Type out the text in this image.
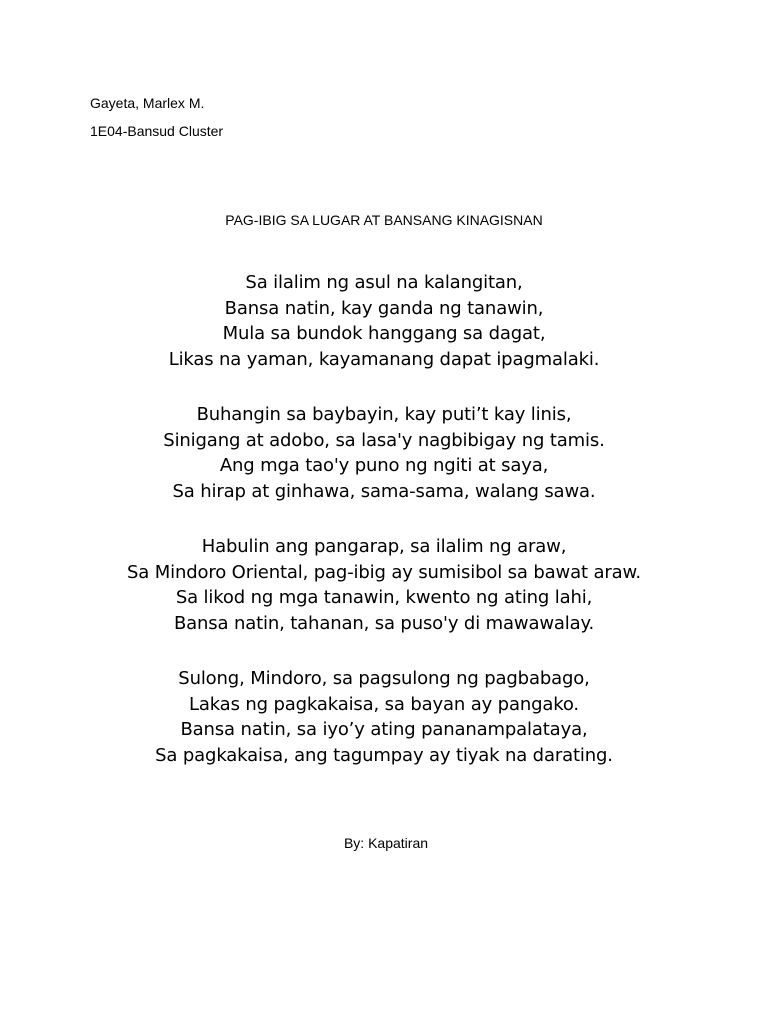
Gayeta, Marlex M.
1E04-Bansud Cluster
PAG-IBIG SA LUGAR AT BANSANG KINAGISNAN
Sa ilalim ng asul na kalangitan,
Bansa natin, kay ganda ng tanawin,
Mula sa bundok hanggang sa dagat,
Likas na yaman, kayamanang dapat ipagmalaki.
Buhangin sa baybayin, kay puti’t kay linis,
Sinigang at adobo, sa lasa'y nagbibigay ng tamis.
Ang mga tao'y puno ng ngiti at saya,
Sa hirap at ginhawa, sama-sama, walang sawa.
Habulin ang pangarap, sa ilalim ng araw,
Sa Mindoro Oriental, pag-ibig ay sumisibol sa bawat araw.
Sa likod ng mga tanawin, kwento ng ating lahi,
Bansa natin, tahanan, sa puso'y di mawawalay.
Sulong, Mindoro, sa pagsulong ng pagbabago,
Lakas ng pagkakaisa, sa bayan ay pangako.
Bansa natin, sa iyo’y ating pananampalataya,
Sa pagkakaisa, ang tagumpay ay tiyak na darating.
By: Kapatiran
